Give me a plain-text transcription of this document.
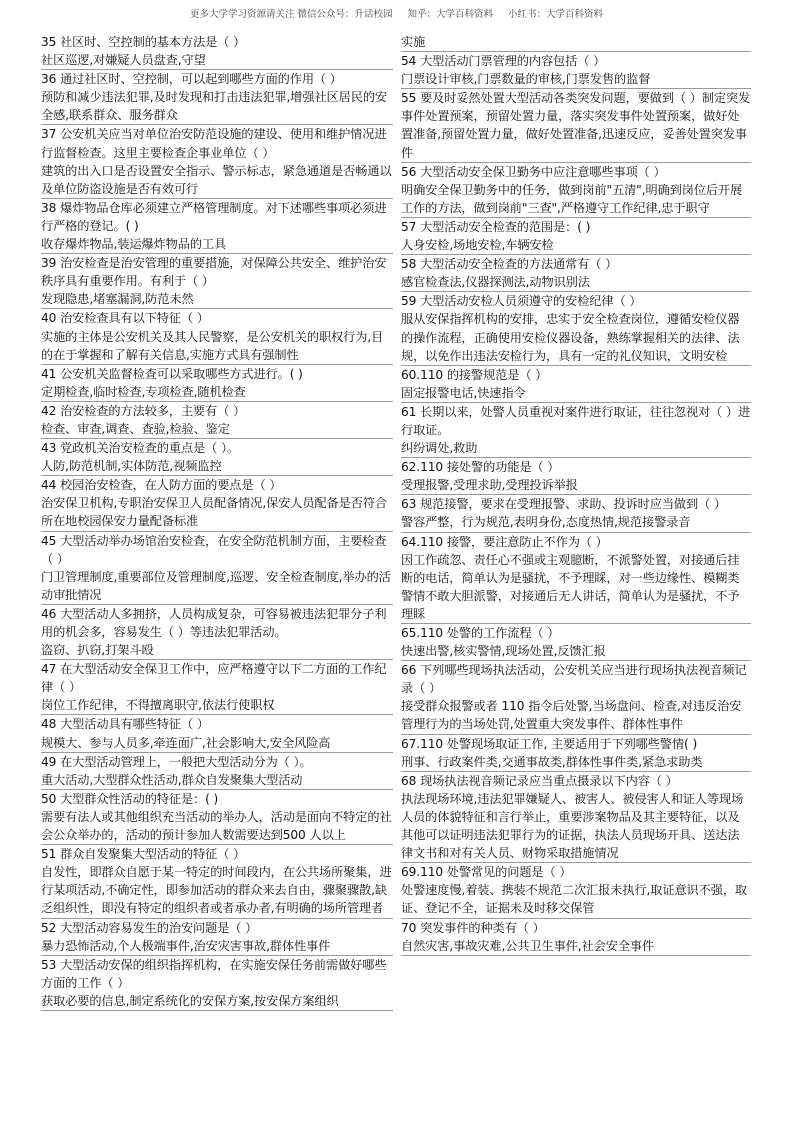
更多大学学习资源请关注 微信公众号：升话校园 知乎：大学百科资料 小红书：大学百科资料

35 社区时、空控制的基本方法是（ ）

社区巡逻,对嫌疑人员盘查,守望

36 通过社区时、空控制，可以起到哪些方面的作用（ ）

预防和减少违法犯罪,及时发现和打击违法犯罪,增强社区居民的安全感,联系群众、服务群众

37 公安机关应当对单位治安防范设施的建设、使用和维护情况进行监督检查。这里主要检查企事业单位（ ）

建筑的出入口是否设置安全指示、警示标志，紧急通道是否畅通以及单位防盗设施是否有效可行

38 爆炸物品仓库必须建立严格管理制度。对下述哪些事项必须进行严格的登记。( )

收存爆炸物品,装运爆炸物品的工具

39 治安检查是治安管理的重要措施，对保障公共安全、维护治安秩序具有重要作用。有利于（ ）

发现隐患,堵塞漏洞,防范未然

40 治安检查具有以下特征（ ）

实施的主体是公安机关及其人民警察，是公安机关的职权行为,目的在于掌握和了解有关信息,实施方式具有强制性

41 公安机关监督检查可以采取哪些方式进行。( )

定期检查,临时检查,专项检查,随机检查

42 治安检查的方法较多，主要有（ ）

检查、审查,调查、查验,检验、鉴定

43 党政机关治安检查的重点是（ ）。

人防,防范机制,实体防范,视频监控

44 校园治安检查，在人防方面的要点是（ ）

治安保卫机构,专职治安保卫人员配备情况,保安人员配备是否符合所在地校园保安力量配备标准

45 大型活动举办场馆治安检查，在安全防范机制方面，主要检查（ ）

门卫管理制度,重要部位及管理制度,巡逻、安全检查制度,举办的活动审批情况

46 大型活动人多拥挤，人员构成复杂，可容易被违法犯罪分子利用的机会多，容易发生（ ）等违法犯罪活动。

盗窃、扒窃,打架斗殴

47 在大型活动安全保卫工作中，应严格遵守以下二方面的工作纪律（ ）

岗位工作纪律，不得擅离职守,依法行使职权

48 大型活动具有哪些特征（ ）

规模大、参与人员多,牵连面广,社会影响大,安全风险高

49 在大型活动管理上，一般把大型活动分为（ ）。

重大活动,大型群众性活动,群众自发聚集大型活动

50 大型群众性活动的特征是：( )

需要有法人或其他组织充当活动的举办人，活动是面向不特定的社会公众举办的，活动的预计参加人数需要达到500 人以上

51 群众自发聚集大型活动的特征（ ）

自发性，即群众自愿于某一特定的时间段内，在公共场所聚集，进行某项活动,不确定性，即参加活动的群众来去自由，骤聚骤散,缺乏组织性，即没有特定的组织者或者承办者,有明确的场所管理者

52 大型活动容易发生的治安问题是（ ）

暴力恐怖活动,个人极端事件,治安灾害事故,群体性事件

53 大型活动安保的组织指挥机构，在实施安保任务前需做好哪些方面的工作（ ）

获取必要的信息,制定系统化的安保方案,按安保方案组织

实施

54 大型活动门票管理的内容包括（ ）

门票设计审核,门票数量的审核,门票发售的监督

55 要及时妥然处置大型活动各类突发问题，要做到（ ）制定突发事件处置预案，预留处置力量，落实突发事件处置预案，做好处置准备,预留处置力量，做好处置准备,迅速反应，妥善处置突发事件

56 大型活动安全保卫勤务中应注意哪些事项（ ）

明确安全保卫勤务中的任务，做到岗前"五清",明确到岗位后开展工作的方法，做到岗前"三查",严格遵守工作纪律,忠于职守

57 大型活动安全检查的范围是：( )

人身安检,场地安检,车辆安检

58 大型活动安全检查的方法通常有（ ）

感官检查法,仪器探测法,动物识别法

59 大型活动安检人员须遵守的安检纪律（ ）

服从安保指挥机构的安排，忠实于安全检查岗位，遵循安检仪器的操作流程，正确使用安检仪器设备，熟练掌握相关的法律、法规，以免作出违法安检行为，具有一定的礼仪知识，文明安检

60.110 的接警规范是（ ）

固定报警电话,快速指令

61 长期以来，处警人员重视对案件进行取证，往往忽视对（ ）进行取证。

纠纷调处,救助

62.110 接处警的功能是（ ）

受理报警,受理求助,受理投诉举报

63 规范接警，要求在受理报警、求助、投诉时应当做到（ ）

警容严整，行为规范,表明身份,态度热情,规范接警录音

64.110 接警，要注意防止不作为（ ）

因工作疏忽、责任心不强或主观臆断，不派警处置，对接通后挂断的电话，简单认为是骚扰，不予理睬，对一些边缘性、模糊类警情不敢大胆派警，对接通后无人讲话，简单认为是骚扰，不予理睬

65.110 处警的工作流程（ ）

快速出警,核实警情,现场处置,反馈汇报

66 下列哪些现场执法活动，公安机关应当进行现场执法视音频记录（ ）

接受群众报警或者 110 指令后处警,当场盘问、检查,对违反治安管理行为的当场处罚,处置重大突发事件、群体性事件

67.110 处警现场取证工作, 主要适用于下列哪些警情( )

刑事、行政案件类,交通事故类,群体性事件类,紧急求助类

68 现场执法视音频记录应当重点摄录以下内容（ ）

执法现场环境,违法犯罪嫌疑人、被害人、被侵害人和证人等现场人员的体貌特征和言行举止，重要涉案物品及其主要特征，以及其他可以证明违法犯罪行为的证据，执法人员现场开具、送达法律文书和对有关人员、财物采取措施情况

69.110 处警常见的问题是（ ）

处警速度慢,着装、携装不规范二次汇报未执行,取证意识不强，取证、登记不全，证据未及时移交保管

70 突发事件的种类有（ ）

自然灾害,事故灾难,公共卫生事件,社会安全事件
